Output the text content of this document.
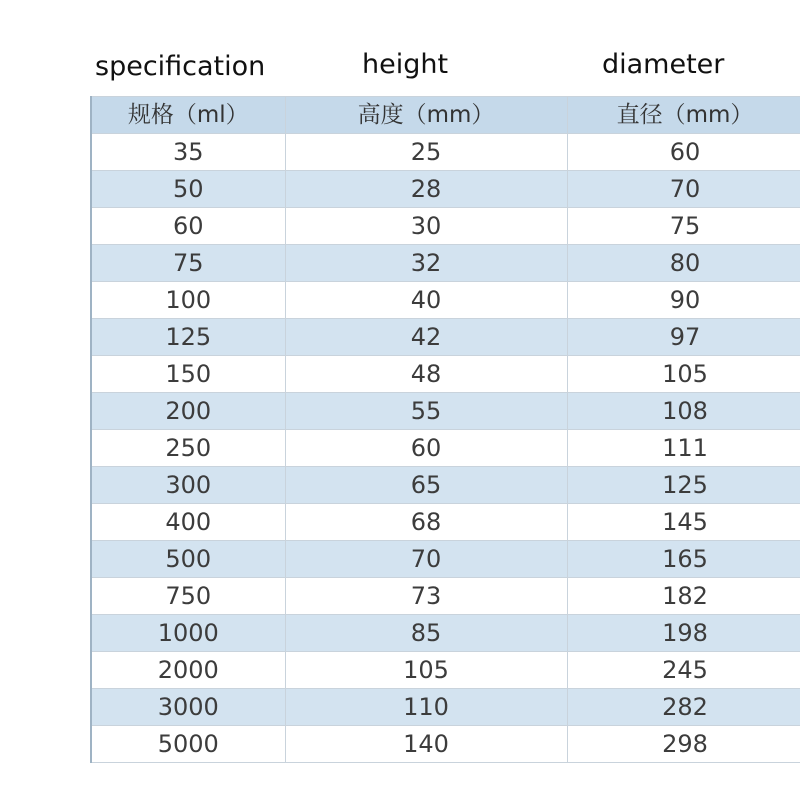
specification	height	diameter
规格（ml）	高度（mm）	直径（mm）
35	25	60
50	28	70
60	30	75
75	32	80
100	40	90
125	42	97
150	48	105
200	55	108
250	60	111
300	65	125
400	68	145
500	70	165
750	73	182
1000	85	198
2000	105	245
3000	110	282
5000	140	298
